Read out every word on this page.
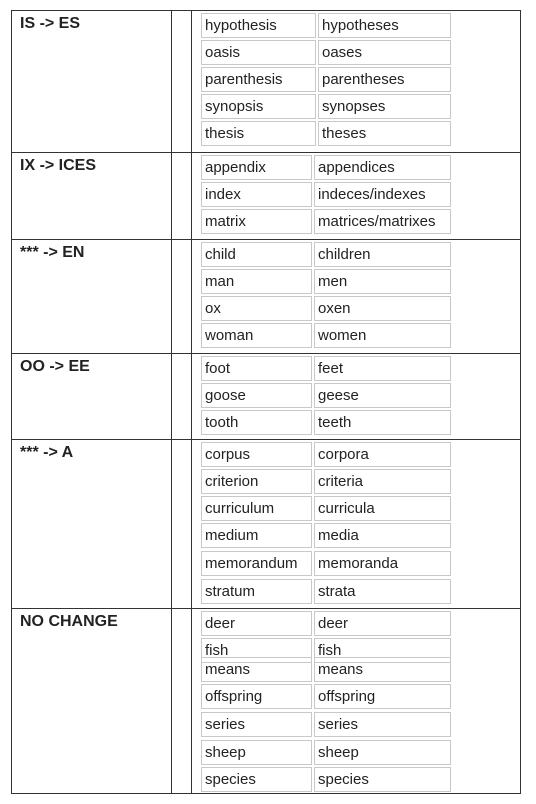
IS -> ES	hypothesis	hypotheses
oasis	oases
parenthesis	parentheses
synopsis	synopses
thesis	theses
IX -> ICES	appendix	appendices
index	indeces/indexes
matrix	matrices/matrixes
*** -> EN	child	children
man	men
ox	oxen
woman	women
OO -> EE	foot	feet
goose	geese
tooth	teeth
*** -> A	corpus	corpora
criterion	criteria
curriculum	curricula
medium	media
memorandum	memoranda
stratum	strata
NO CHANGE	deer	deer
fish	fish
means	means
offspring	offspring
series	series
sheep	sheep
species	species
